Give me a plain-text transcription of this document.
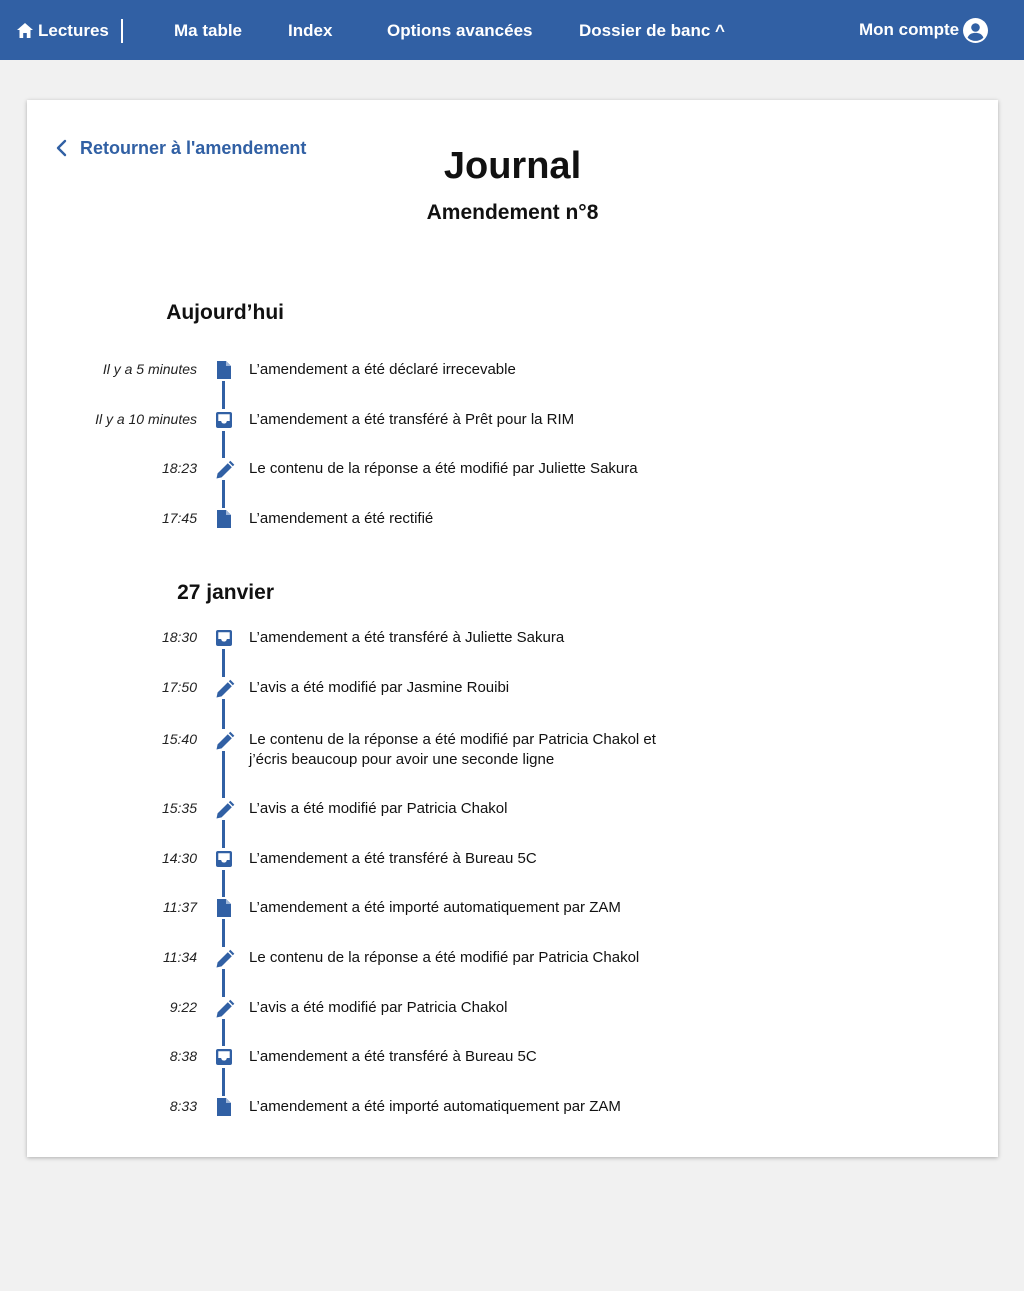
Lectures	Ma table	Index	Options avancées	Dossier de banc ^	Mon compte
Retourner à l'amendement	Journal
Amendement n°8
Aujourd’hui
27 janvier
Il y a 5 minutes	L’amendement a été déclaré irrecevable
Il y a 10 minutes	L’amendement a été transféré à Prêt pour la RIM
18:23	Le contenu de la réponse a été modifié par Juliette Sakura
17:45	L’amendement a été rectifié
18:30	L’amendement a été transféré à Juliette Sakura
17:50	L’avis a été modifié par Jasmine Rouibi
15:40	Le contenu de la réponse a été modifié par Patricia Chakol et j’écris beaucoup pour avoir une seconde ligne
15:35	L’avis a été modifié par Patricia Chakol
14:30	L’amendement a été transféré à Bureau 5C
11:37	L’amendement a été importé automatiquement par ZAM
11:34	Le contenu de la réponse a été modifié par Patricia Chakol
9:22	L’avis a été modifié par Patricia Chakol
8:38	L’amendement a été transféré à Bureau 5C
8:33	L’amendement a été importé automatiquement par ZAM
